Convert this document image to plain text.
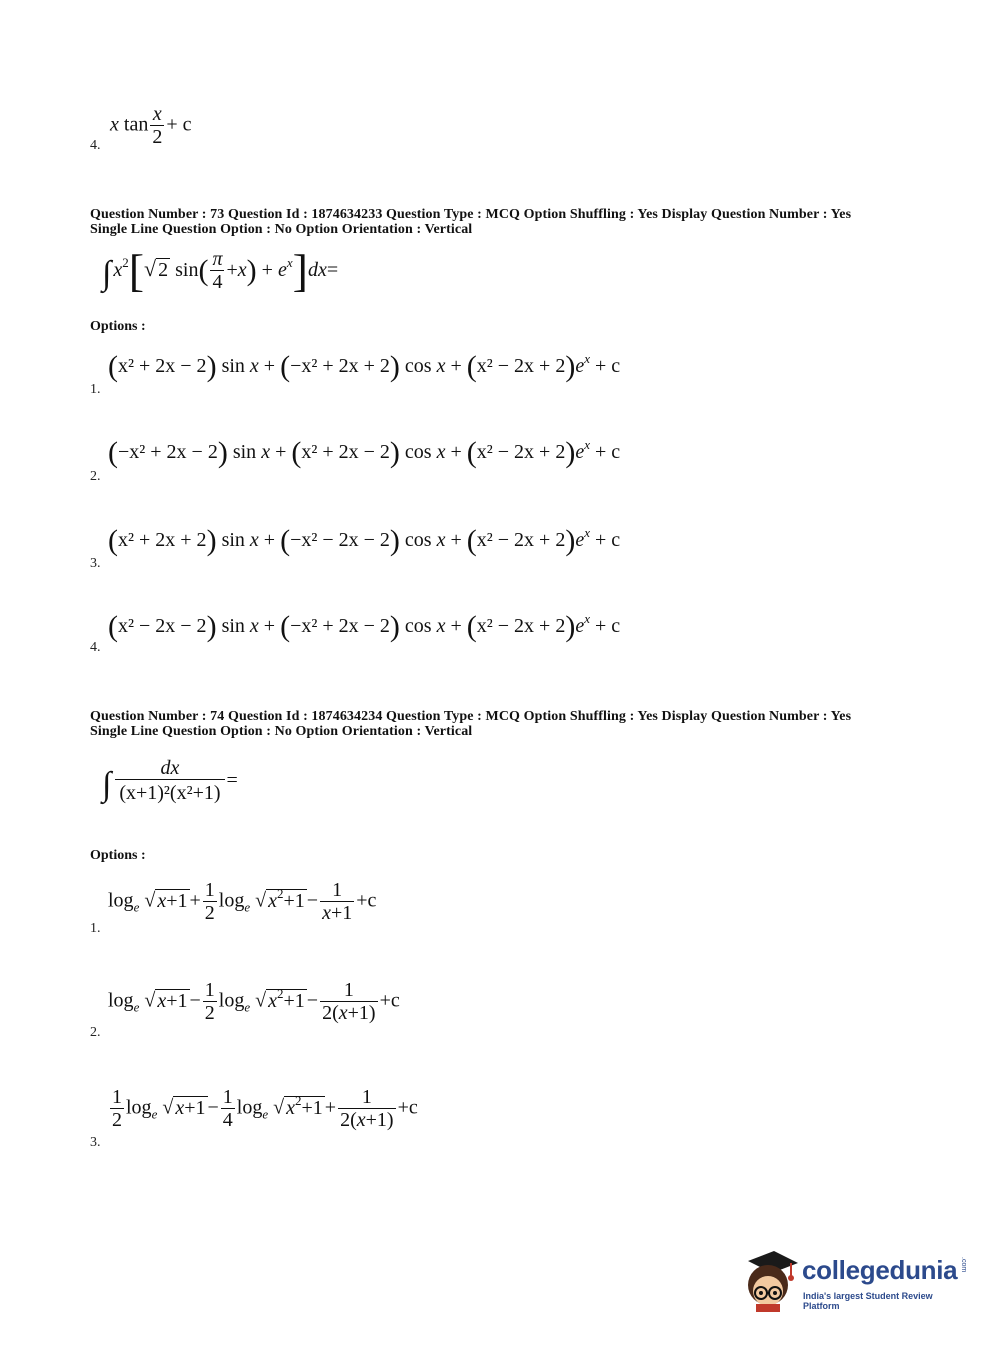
x $\tan \frac{x}{2} + c$
4.
Question Number : 73 Question Id : 1874634233 Question Type : MCQ Option Shuffling : Yes Display Question Number : Yes
Single Line Question Option : No Option Orientation : Vertical
∫ $x^2[√$ 2 $\sin( \frac{\pi}{4} +x) + e^x]dx=$
Options :
(x² + 2x − 2) sin x + (−x² + 2x + 2) $\cos x + (x^2 - 2x + 2)e^x + c$
1.
(−x² + 2x − 2) sin x + (x² + 2x − 2) $\cos x + (x^2 - 2x + 2)e^x + c$
2.
(x² + 2x + 2) sin x + (−x² − 2x − 2) $\cos x + (x^2 - 2x + 2)e^x + c$
3.
(x² − 2x − 2) sin x + (−x² + 2x − 2) $\cos x + (x^2 - 2x + 2)e^x + c$
4.
Question Number : 74 Question Id : 1874634234 Question Type : MCQ Option Shuffling : Yes Display Question Number : Yes
Single Line Question Option : No Option Orientation : Vertical
∫ $\frac{dx}{\text{(x+1)²(x²+1)}}$ =
Options :
$\log_e$ √ $x+1 + \frac{1}{2} \log_e$ √ $x^2+1 - \frac{1}{x+1} +c$
1.
$\log_e$ √ $x+1 - \frac{1}{2} \log_e$ √ $x^2+1 - \frac{1}{2(x+1)} +c$
2.
$\frac{1}{2} \log_e$ √ $x+1 - \frac{1}{4} \log_e$ √ $x^2+1 + \frac{1}{2(x+1)} +c$
3.
collegedunia .com
India's largest Student Review Platform
